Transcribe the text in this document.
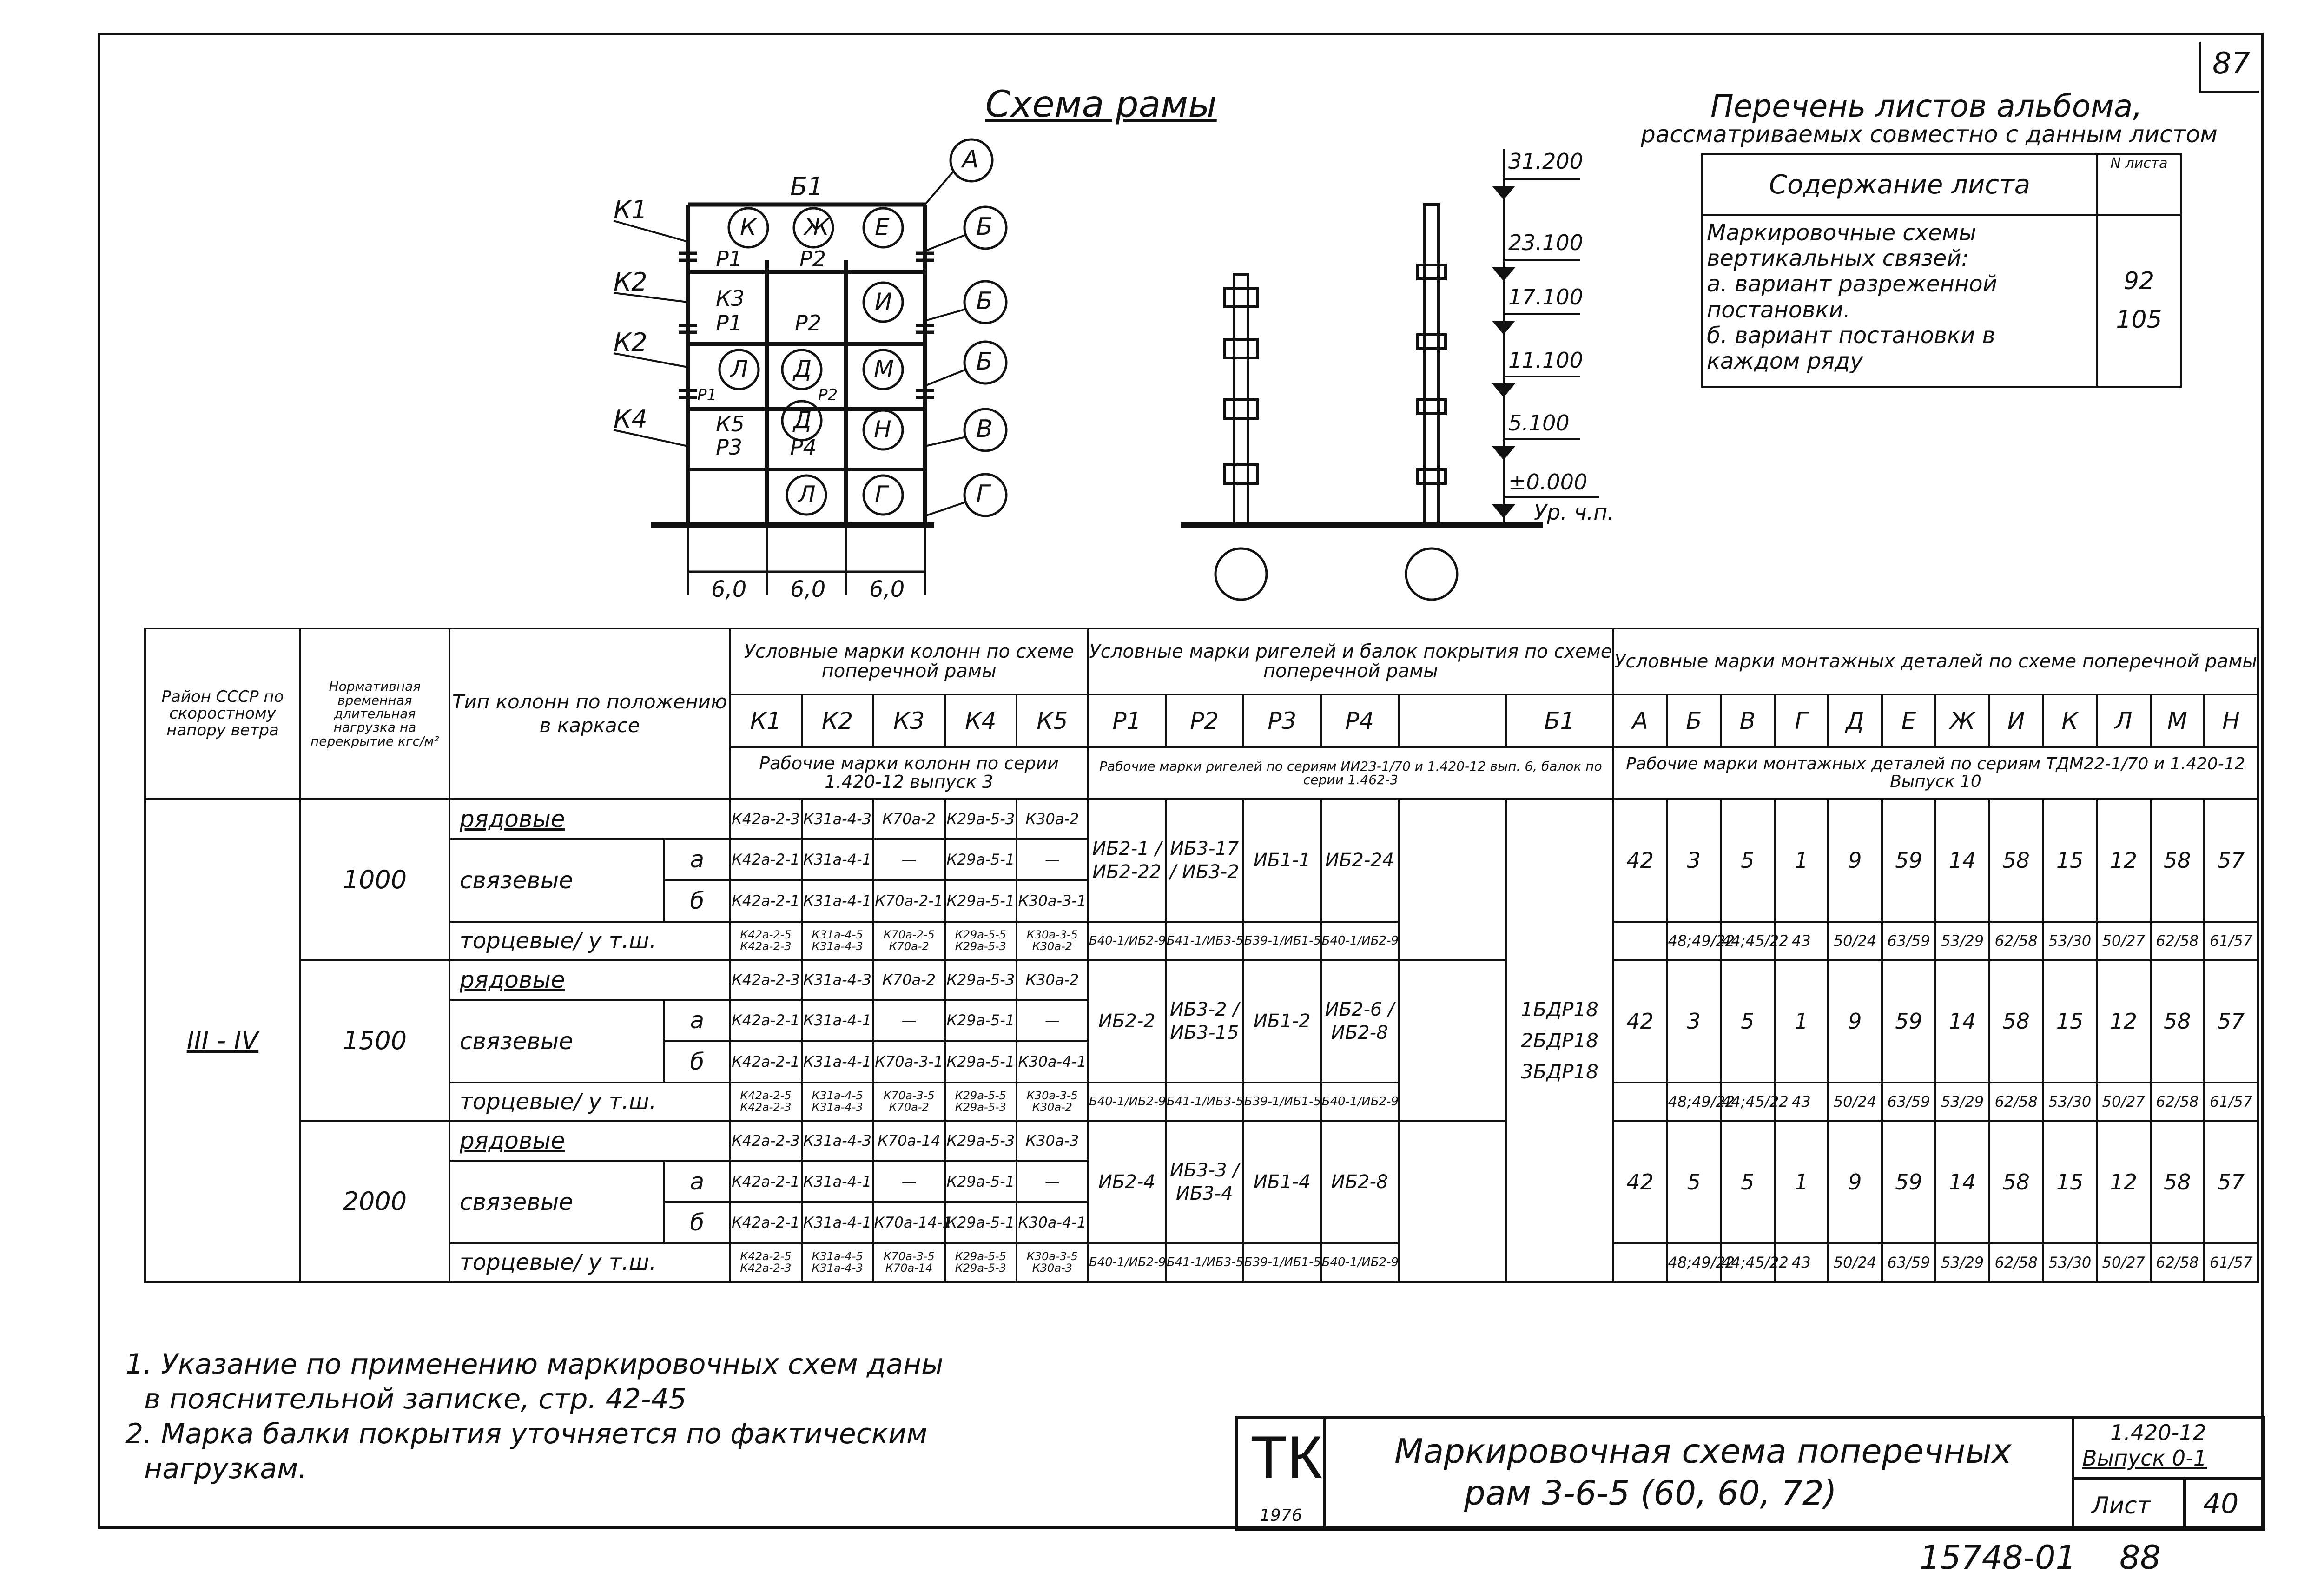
87
Схема рамы
К1
К2
К2
К4
Б1
Р1	Р2
К3
Р1 Р2
Р1	Р2
К5
Р3 Р4
К Ж Е
И
Л Д	М
Д	Н
Л	Г
А
Б
Б
Б
В
Г
6,0 6,0 6,0
31.200
23.100
17.100
11.100
5.100
±0.000
Ур. ч.п.
Перечень листов альбома,
рассматриваемых совместно с данным листом
Содержание листа	N листа

Маркировочные схемы вертикальных связей:
а. вариант разреженной постановки.
б. вариант постановки в каждом ряду	92
105
Район СССР по скоростному напору ветра	Нормативная временная длительная нагрузка на перекрытие кгс/м²	Тип колонн по положению в каркасе		Условные марки колонн по схеме поперечной рамы					Условные марки ригелей и балок покрытия по схеме поперечной рамы						Условные марки монтажных деталей по схеме поперечной рамы											
				К1	К2	К3	К4	К5	Р1	Р2	Р3	Р4		Б1	А	Б	В	Г	Д	Е	Ж	И	К	Л	М	Н
				Рабочие марки колонн по серии 1.420-12 выпуск 3					Рабочие марки ригелей по сериям ИИ23-1/70 и 1.420-12 вып. 6, балок по серии 1.462-3						Рабочие марки монтажных деталей по сериям ТДМ22-1/70 и 1.420-12 Выпуск 10											
III - IV	1000	рядовые		К42а-2-3	К31а-4-3	К70а-2	К29а-5-3	К30а-2	ИБ2-1 / ИБ2-22	ИБ3-17 / ИБ3-2	ИБ1-1	ИБ2-24		1БДР18 2БДР18 3БДР18	42	3	5	1	9	59	14	58	15	12	58	57
		связевые	а	К42а-2-1	К31а-4-1	—	К29а-5-1	—																		
			б	К42а-2-1	К31а-4-1	К70а-2-1	К29а-5-1	К30а-3-1																		
		торцевые/ у т.ш.		К42а-2-5 К42а-2-3	К31а-4-5 К31а-4-3	К70а-2-5 К70а-2	К29а-5-5 К29а-5-3	К30а-3-5 К30а-2	Б40-1/ИБ2-9	Б41-1/ИБ3-5	Б39-1/ИБ1-5	Б40-1/ИБ2-9				48;49/22	44;45/22	43	50/24	63/59	53/29	62/58	53/30	50/27	62/58	61/57
	1500	рядовые		К42а-2-3	К31а-4-3	К70а-2	К29а-5-3	К30а-2	ИБ2-2	ИБ3-2 / ИБ3-15	ИБ1-2	ИБ2-6 / ИБ2-8			42	3	5	1	9	59	14	58	15	12	58	57
		связевые	а	К42а-2-1	К31а-4-1	—	К29а-5-1	—																		
			б	К42а-2-1	К31а-4-1	К70а-3-1	К29а-5-1	К30а-4-1																		
		торцевые/ у т.ш.		К42а-2-5 К42а-2-3	К31а-4-5 К31а-4-3	К70а-3-5 К70а-2	К29а-5-5 К29а-5-3	К30а-3-5 К30а-2	Б40-1/ИБ2-9	Б41-1/ИБ3-5	Б39-1/ИБ1-5	Б40-1/ИБ2-9				48;49/22	44;45/22	43	50/24	63/59	53/29	62/58	53/30	50/27	62/58	61/57
	2000	рядовые		К42а-2-3	К31а-4-3	К70а-14	К29а-5-3	К30а-3	ИБ2-4	ИБ3-3 / ИБ3-4	ИБ1-4	ИБ2-8			42	5	5	1	9	59	14	58	15	12	58	57
		связевые	а	К42а-2-1	К31а-4-1	—	К29а-5-1	—																		
			б	К42а-2-1	К31а-4-1	К70а-14-1	К29а-5-1	К30а-4-1																		
		торцевые/ у т.ш.		К42а-2-5 К42а-2-3	К31а-4-5 К31а-4-3	К70а-3-5 К70а-14	К29а-5-5 К29а-5-3	К30а-3-5 К30а-3	Б40-1/ИБ2-9	Б41-1/ИБ3-5	Б39-1/ИБ1-5	Б40-1/ИБ2-9				48;49/22	44;45/22	43	50/24	63/59	53/29	62/58	53/30	50/27	62/58	61/57
1. Указание по применению маркировочных схем даны
в пояснительной записке, стр. 42-45
2. Марка балки покрытия уточняется по фактическим
нагрузкам.	ТК
1976
Маркировочная схема поперечных
рам 3-6-5 (60, 60, 72)
1.420-12
Выпуск 0-1
Лист 40
15748-01 88
